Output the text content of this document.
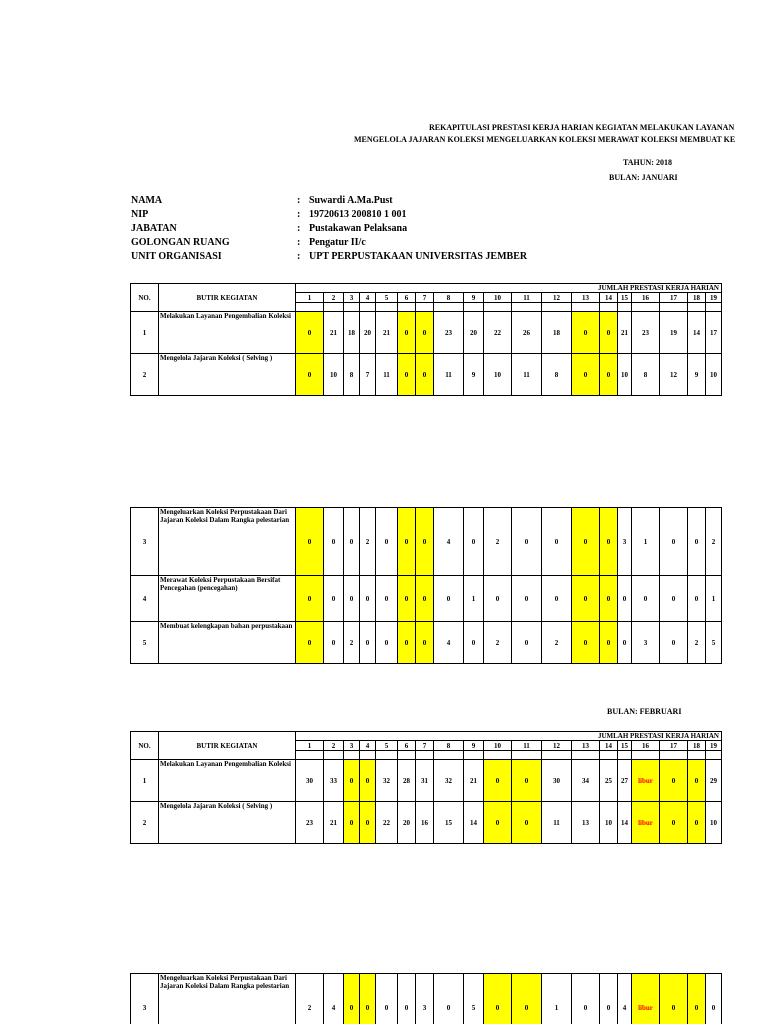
REKAPITULASI PRESTASI KERJA HARIAN KEGIATAN MELAKUKAN LAYANAN
MENGELOLA JAJARAN KOLEKSI MENGELUARKAN KOLEKSI MERAWAT KOLEKSI MEMBUAT KE
TAHUN: 2018
BULAN: JANUARI
NAMA	: Suwardi A.Ma.Pust
NIP	: 19720613 200810 1 001
JABATAN	: Pustakawan Pelaksana
GOLONGAN RUANG	: Pengatur II/c
UNIT ORGANISASI	: UPT PERPUSTAKAAN UNIVERSITAS JEMBER
NO.	BUTIR KEGIATAN	JUMLAH PRESTASI KERJA HARIAN																		
		1	2	3	4	5	6	7	8	9	10	11	12	13	14	15	16	17	18	19

1	Melakukan Layanan Pengembalian Koleksi	0	21	18	20	21	0	0	23	20	22	26	18	0	0	21	23	19	14	17
2	Mengelola Jajaran Koleksi ( Selving )	0	10	8	7	11	0	0	11	9	10	11	8	0	0	10	8	12	9	10
3	Mengeluarkan Koleksi Perpustakaan Dari Jajaran Koleksi Dalam Rangka pelestarian	0	0	0	2	0	0	0	4	0	2	0	0	0	0	3	1	0	0	2
4	Merawat Koleksi Perpustakaan Bersifat Pencegahan (pencegahan)	0	0	0	0	0	0	0	0	1	0	0	0	0	0	0	0	0	0	1
5	Membuat kelengkapan bahan perpustakaan	0	0	2	0	0	0	0	4	0	2	0	2	0	0	0	3	0	2	5
BULAN: FEBRUARI
NO.	BUTIR KEGIATAN	JUMLAH PRESTASI KERJA HARIAN																		
		1	2	3	4	5	6	7	8	9	10	11	12	13	14	15	16	17	18	19

1	Melakukan Layanan Pengembalian Koleksi	30	33	0	0	32	28	31	32	21	0	0	30	34	25	27	libur	0	0	29
2	Mengelola Jajaran Koleksi ( Selving )	23	21	0	0	22	20	16	15	14	0	0	11	13	10	14	libur	0	0	10
3	Mengeluarkan Koleksi Perpustakaan Dari Jajaran Koleksi Dalam Rangka pelestarian	2	4	0	0	0	0	3	0	5	0	0	1	0	0	4	libur	0	0	0
